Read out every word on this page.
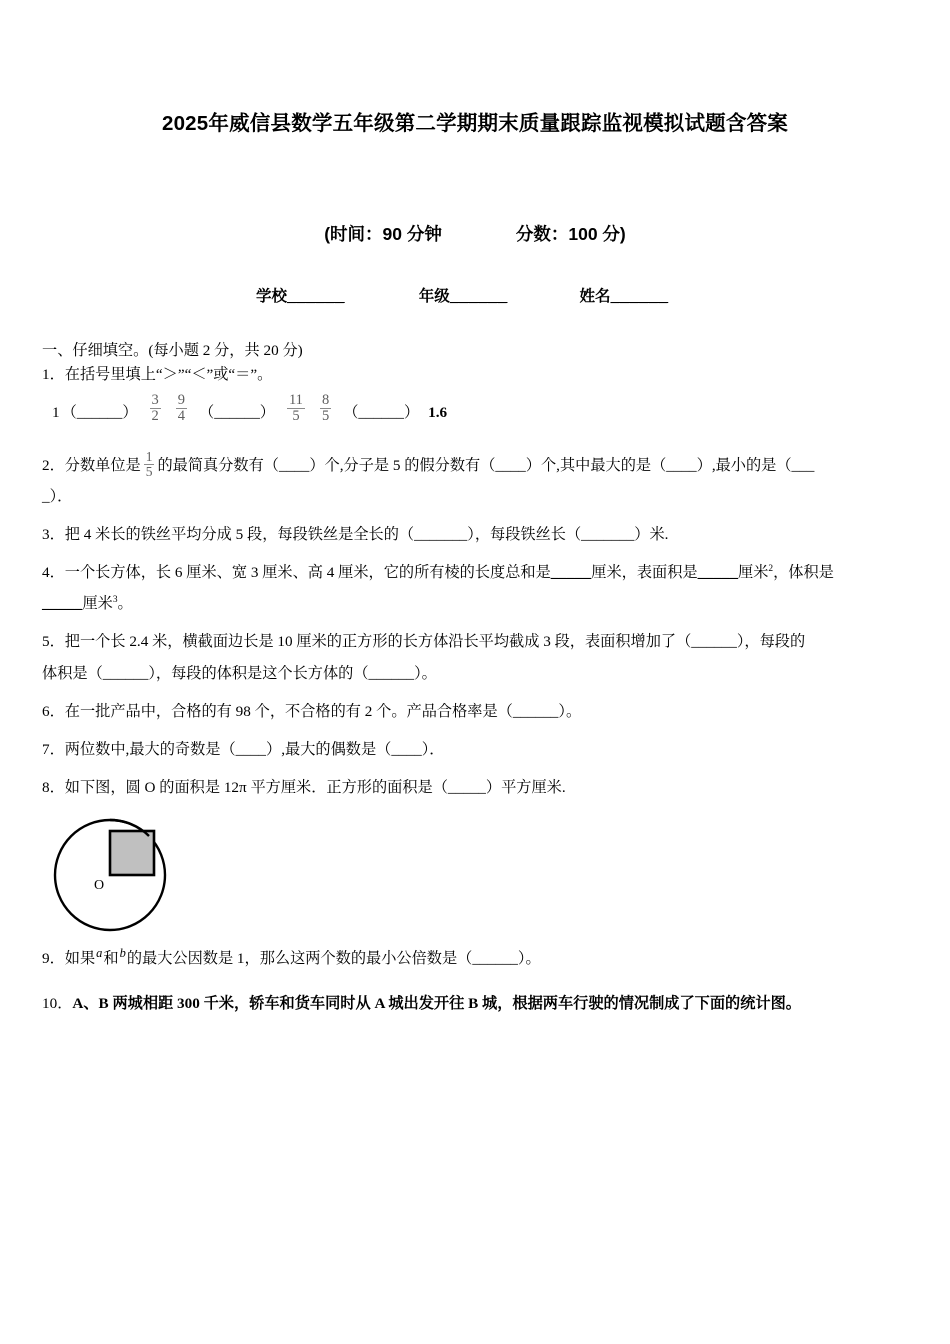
2025年威信县数学五年级第二学期期末质量跟踪监视模拟试题含答案
(时间：90 分钟	分数：100 分)
学校______	年级______	姓名______

一、仔细填空。(每小题 2 分，共 20 分)

1．在括号里填上“＞”“＜”或“＝”。

1 （______） $\frac{3}{2} \frac{9}{4}$ （______） $\frac{11}{5} \frac{8}{5}$ （______） 1.6

2．分数单位是 $\frac{1}{5}$ 的最简真分数有（____）个,分子是 5 的假分数有（____）个,其中最大的是（____）,最小的是（___

_）．

3．把 4 米长的铁丝平均分成 5 段，每段铁丝是全长的（_______），每段铁丝长（_______）米.

4．一个长方体，长 6 厘米、宽 3 厘米、高 4 厘米，它的所有棱的长度总和是_____厘米，表面积是_____厘米$^2$，体积是

_____厘米$^3$。

5．把一个长 2.4 米，横截面边长是 10 厘米的正方形的长方体沿长平均截成 3 段，表面积增加了（______），每段的

体积是（______），每段的体积是这个长方体的（______）。

6．在一批产品中，合格的有 98 个，不合格的有 2 个。产品合格率是（______）。

7．两位数中,最大的奇数是（____）,最大的偶数是（____）．

8．如下图，圆 O 的面积是 12π 平方厘米．正方形的面积是（_____）平方厘米.

O

9．如果$^a$和$^b$的最大公因数是 1，那么这两个数的最小公倍数是（______）。

10．A、B 两城相距 300 千米，轿车和货车同时从 A 城出发开往 B 城，根据两车行驶的情况制成了下面的统计图。
